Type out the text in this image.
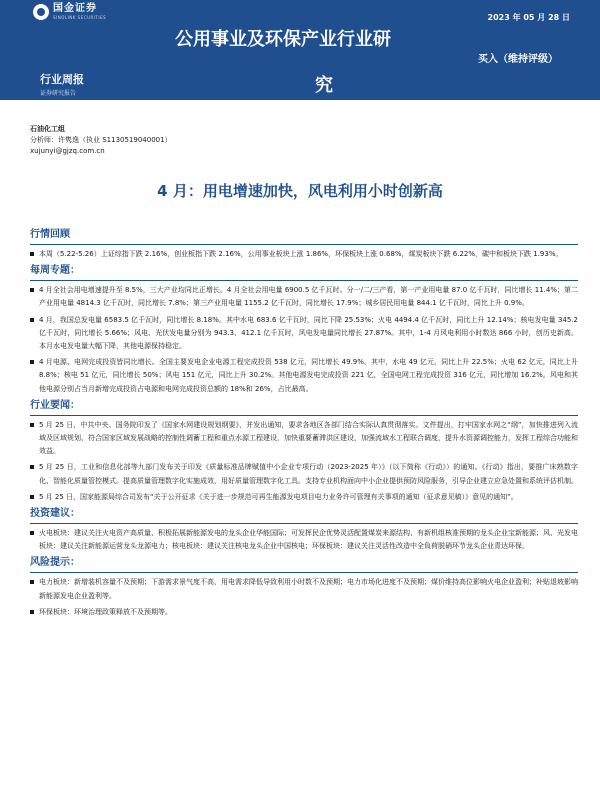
国金证券
SINOLINK SECURITIES
公用事业及环保产业行业研
究
2023 年 05 月 28 日
买入（维持评级）
行业周报
证券研究报告
石油化工组
分析师：许隽逸（执业 S1130519040001）
xujunyi@gjzq.com.cn
4 月：用电增速加快，风电利用小时创新高
行情回顾
本周（5.22-5.26）上证综指下跌 2.16%，创业板指下跌 2.16%，公用事业板块上涨 1.86%，环保板块上涨 0.68%，煤炭板块下跌 6.22%，碳中和板块下跌 1.93%。
每周专题：
4 月全社会用电增速提升至 8.5%，三大产业均同比正增长。4 月全社会用电量 6900.5 亿千瓦时。分一/二/三产看，第一产业用电量 87.0 亿千瓦时，同比增长 11.4%；第二产业用电量 4814.3 亿千瓦时，同比增长 7.8%；第三产业用电量 1155.2 亿千瓦时，同比增长 17.9%；城乡居民用电量 844.1 亿千瓦时，同比上升 0.9%。
4 月，我国总发电量 6583.5 亿千瓦时，同比增长 8.18%。其中水电 683.6 亿千瓦时，同比下降 25.53%；火电 4494.4 亿千瓦时，同比上升 12.14%；核电发电量 345.2 亿千瓦时，同比增长 5.66%；风电、光伏发电量分别为 943.3、412.1 亿千瓦时，风电发电量同比增长 27.87%。其中，1-4 月风电利用小时数达 866 小时，创历史新高。本月水电发电量大幅下降，其他电源保持稳定。
4 月电源、电网完成投资皆同比增长。全国主要发电企业电源工程完成投资 538 亿元，同比增长 49.9%。其中，水电 49 亿元，同比上升 22.5%；火电 62 亿元，同比上升 8.8%；核电 51 亿元，同比增长 50%；风电 151 亿元，同比上升 30.2%。其他电源发电完成投资 221 亿，全国电网工程完成投资 316 亿元，同比增加 16.2%。风电和其他电源分别占当月新增完成投资占电源和电网完成投资总额的 18%和 26%，占比最高。
行业要闻：
5 月 25 日，中共中央、国务院印发了《国家水网建设规划纲要》，并发出通知，要求各地区各部门结合实际认真贯彻落实。文件提出，打牢国家水网之“纲”，加快推进列入流域及区域规划、符合国家区域发展战略的控制性调蓄工程和重点水源工程建设，加快重要蓄滞洪区建设，加强流域水工程联合调度，提升水资源调控能力，发挥工程综合功能和效益。
5 月 25 日，工业和信息化部等九部门发布关于印发《质量标准品牌赋值中小企业专项行动（2023-2025 年）》（以下简称《行动》）的通知。《行动》指出，要推广床熟数字化、智能化质量管控模式。提高质量管理数字化实施成效，用好质量管理数字化工具。支持专业机构面向中小企业提供预防风险服务，引导企业建立应急处置和系统评估机制。
5 月 25 日，国家能源局综合司发布“关于公开征求《关于进一步规范可再生能源发电项目电力业务许可管理有关事项的通知（征求意见稿）》意见的通知”。
投资建议：
火电板块：建议关注火电资产高质量、积极拓展新能源发电的龙头企业华能国际；可发挥民企优势灵活配置煤炭来源结构、有新机组核准预期的龙头企业宝新能源；风、光发电板块：建议关注新能源运营龙头龙源电力；核电板块：建议关注核电龙头企业中国核电；环保板块：建议关注灵活性改造中全負荷脱硝环节龙头企业青达环保。
风险提示：
电力板块：新增装机容量不及预期；下游需求景气度不高，用电需求降低导致利用小时数不及预期；电力市场化进度不及预期；煤价维持高位影响火电企业盈利；补贴退坡影响新能源发电企业盈利等。
环保板块：环境治理政策释放不及预期等。
